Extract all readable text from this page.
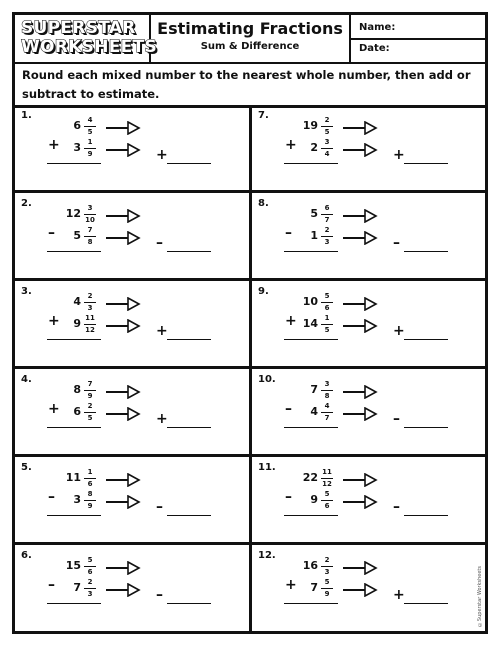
SUPERSTAR
WORKSHEETS
Estimating Fractions
Sum & Difference
Name:
Date:

Round each mixed number to the nearest whole number, then add or subtract to estimate.

1.
6 4
5
+ 3 1
9	+
2.
12 3
10
– 5 7
8	–
3.
4 2
3
+ 9 11
12	+
4.
8 7
9
+ 6 2
5	+
5.
11 1
6
– 3 8
9	–
6.
15 5
6
– 7 2
3	–
7.
19 2
5
+ 2 3
4	+
8.
5 6
7
– 1 2
3	–
9.
10 5
6
+ 14 1
5	+
10.
7 3
8
– 4 4
7	–
11.
22 11
12
– 9 5
6	–
12.
16 2
3
+ 7 5
9	+	©Superstar Worksheets
